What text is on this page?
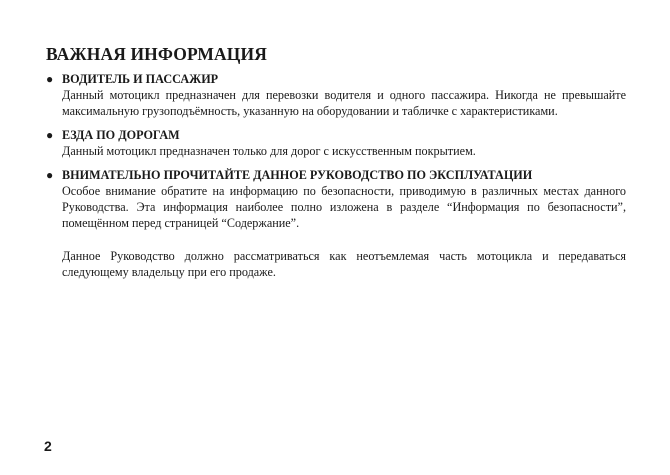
ВАЖНАЯ ИНФОРМАЦИЯ
● ВОДИТЕЛЬ И ПАССАЖИР

Данный мотоцикл предназначен для перевозки водителя и одного пассажира. Никогда не превышайте максимальную грузоподъёмность, указанную на оборудовании и табличке с характеристиками.

● ЕЗДА ПО ДОРОГАМ

Данный мотоцикл предназначен только для дорог с искусственным покрытием.

● ВНИМАТЕЛЬНО ПРОЧИТАЙТЕ ДАННОЕ РУКОВОДСТВО ПО ЭКСПЛУАТАЦИИ

Особое внимание обратите на информацию по безопасности, приводимую в различных местах данного Руководства. Эта информация наиболее полно изложена в разделе “Информация по безопасности”, помещённом перед страницей “Содержание”.

Данное Руководство должно рассматриваться как неотъемлемая часть мотоцикла и передаваться следующему владельцу при его продаже.

2
